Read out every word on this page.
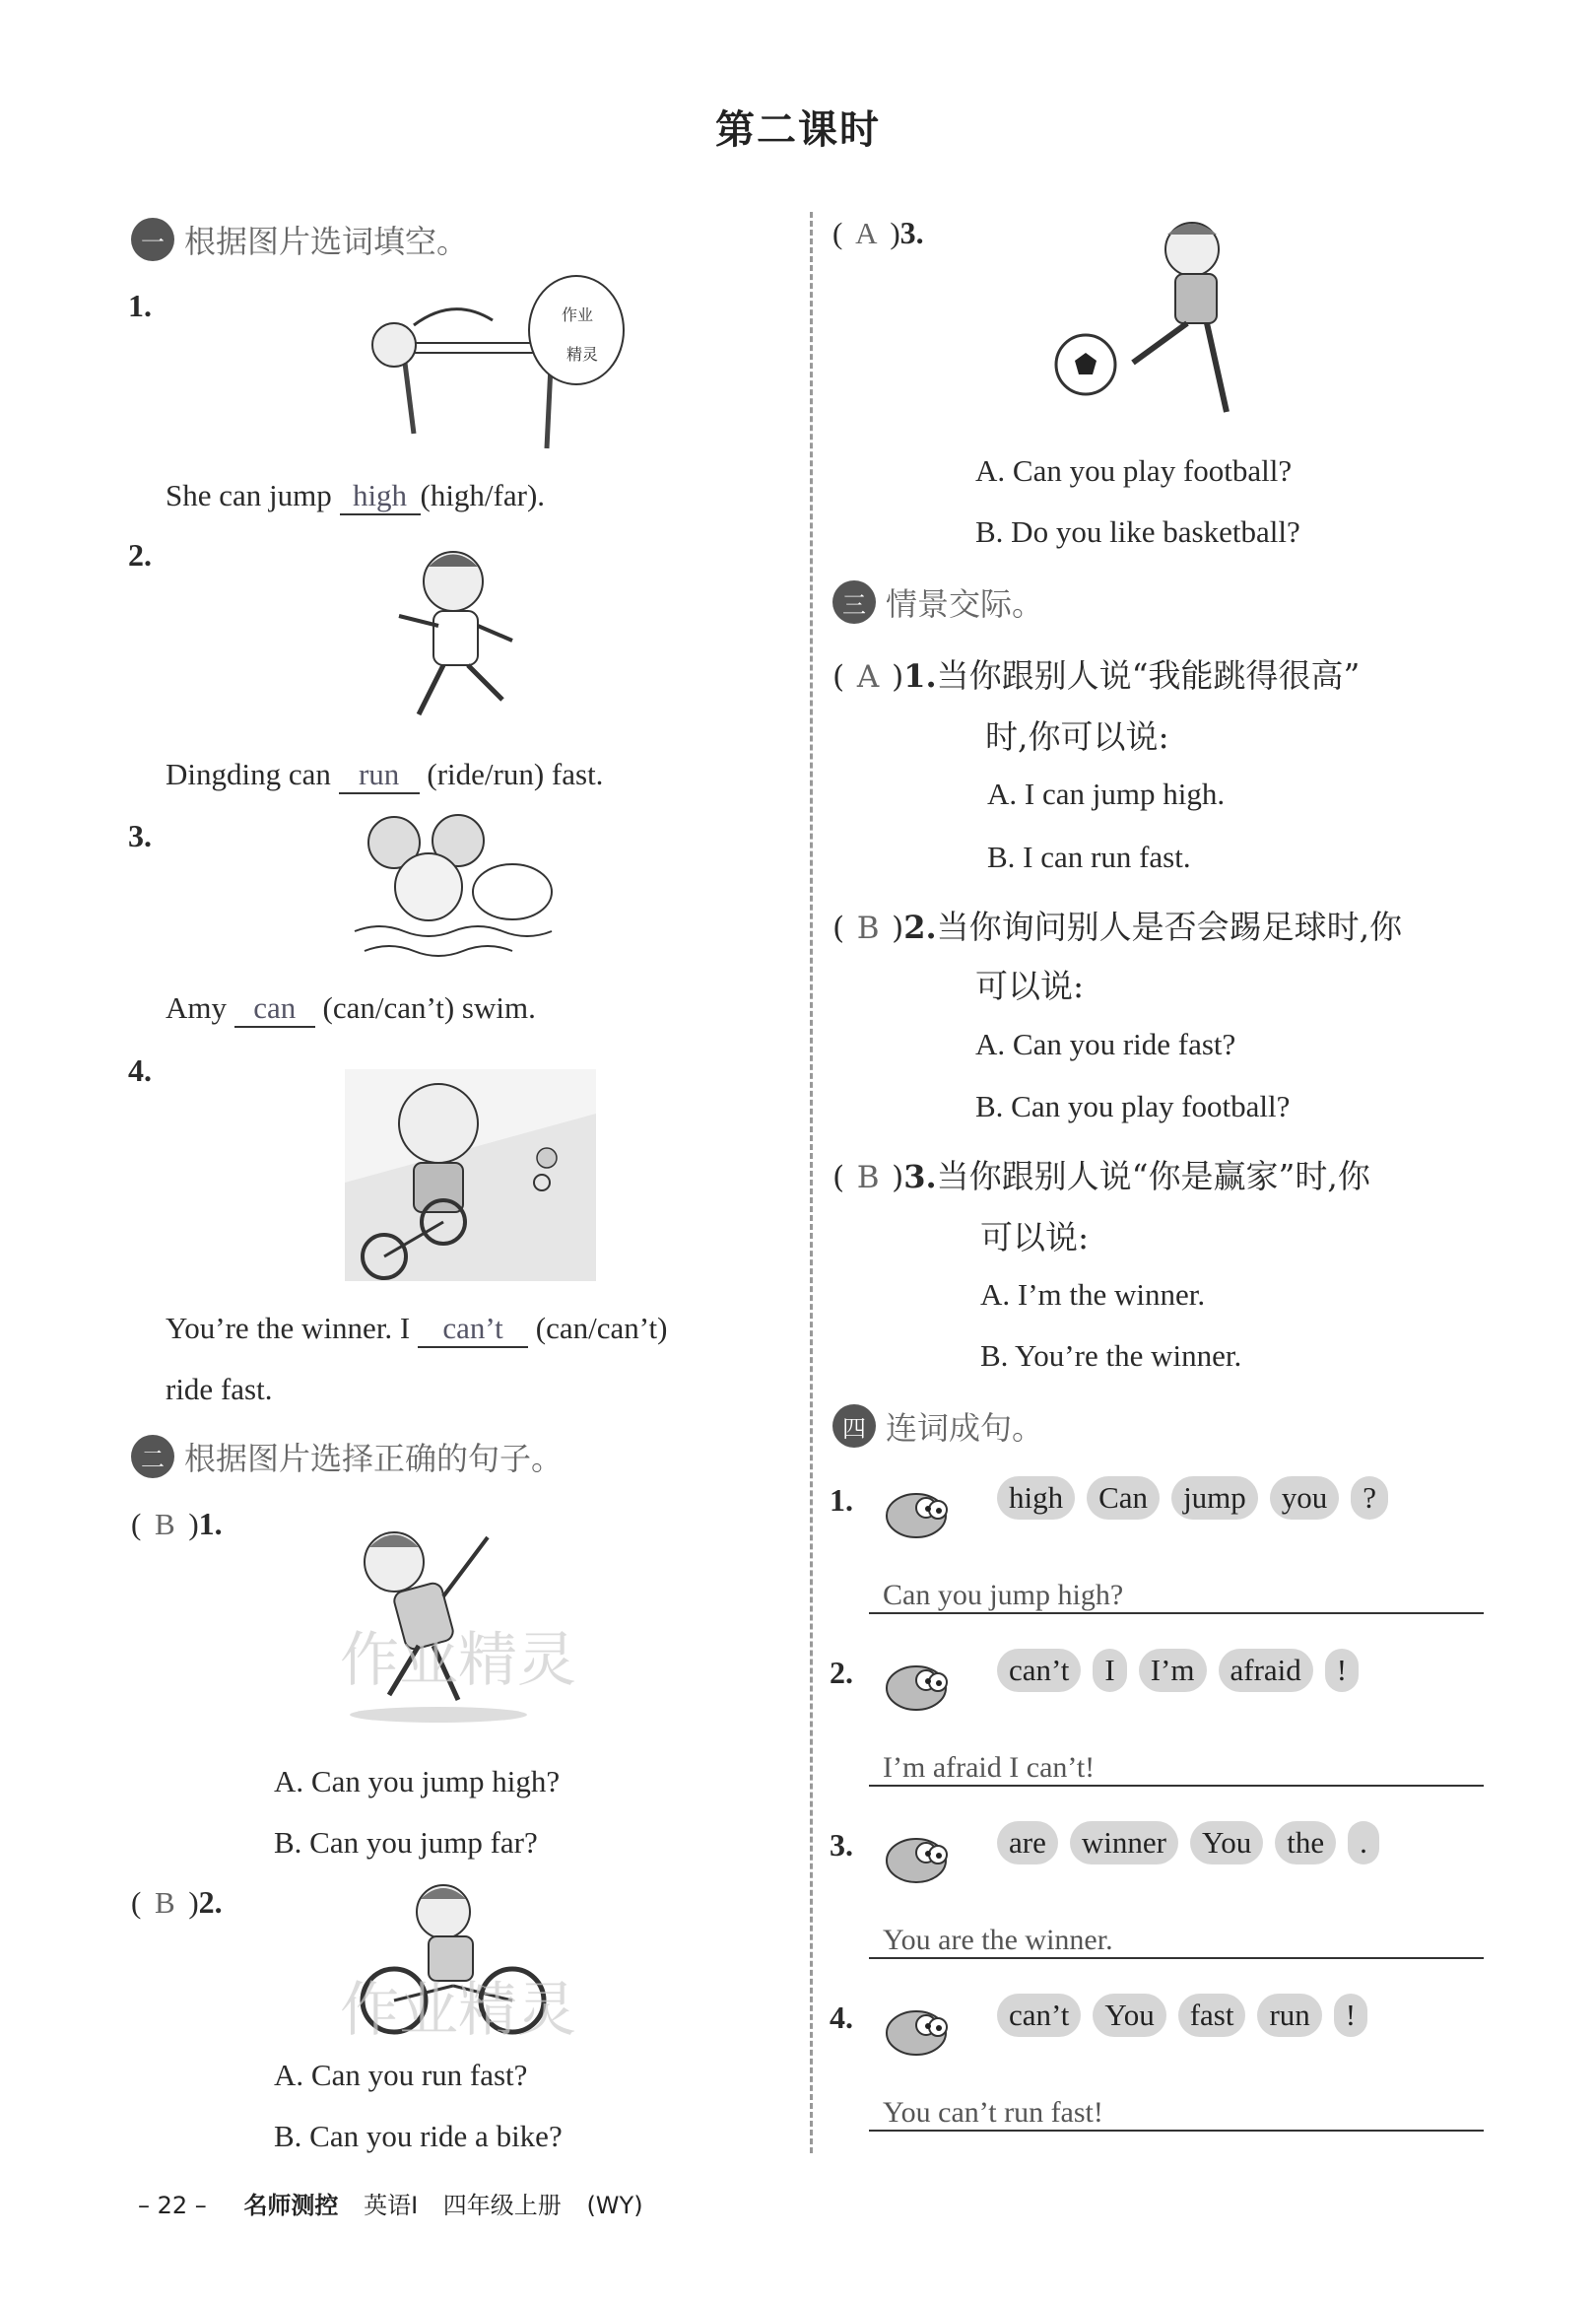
第二课时
一 根据图片选词填空。
1.	作业
精灵
She can jump high (high/far).
2.
Dingding can run (ride/run) fast.
3.
Amy can (can/can’t) swim.
4.
You’re the winner. I can’t (can/can’t)
ride fast.
二 根据图片选择正确的句子。
( B )1.
作业精灵
A. Can you jump high?
B. Can you jump far?
( B )2.
作业精灵
A. Can you run fast?
B. Can you ride a bike?
( A )3.
A. Can you play football?
B. Do you like basketball?
三 情景交际。
( A )1.当你跟别人说“我能跳得很高”
时,你可以说:
A. I can jump high.
B. I can run fast.
( B )2.当你询问别人是否会踢足球时,你
可以说:
A. Can you ride fast?
B. Can you play football?
( B )3.当你跟别人说“你是赢家”时,你
可以说:
A. I’m the winner.
B. You’re the winner.
四 连词成句。
1.	high Can jump you ?
Can you jump high?
2.	can’t I I’m afraid !
I’m afraid I can’t!
3.	are winner You the .
You are the winner.
4.	can’t You fast run !
You can’t run fast!
– 22 – 名师测控 英语Ⅰ 四年级上册 (WY)
